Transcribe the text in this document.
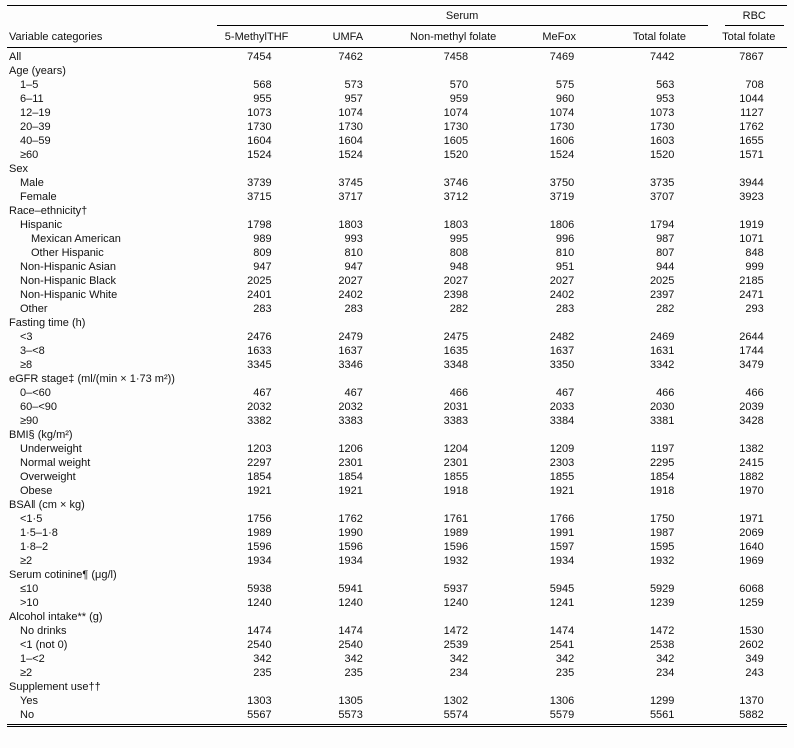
	Serum					RBC

Variable categories	5-MethylTHF	UMFA	Non-methyl folate	MeFox	Total folate	Total folate
All	7454	7462	7458	7469	7442	7867
Age (years)						
1–5	568	573	570	575	563	708
6–11	955	957	959	960	953	1044
12–19	1073	1074	1074	1074	1073	1127
20–39	1730	1730	1730	1730	1730	1762
40–59	1604	1604	1605	1606	1603	1655
≥60	1524	1524	1520	1524	1520	1571
Sex						
Male	3739	3745	3746	3750	3735	3944
Female	3715	3717	3712	3719	3707	3923
Race–ethnicity†						
Hispanic	1798	1803	1803	1806	1794	1919
Mexican American	989	993	995	996	987	1071
Other Hispanic	809	810	808	810	807	848
Non-Hispanic Asian	947	947	948	951	944	999
Non-Hispanic Black	2025	2027	2027	2027	2025	2185
Non-Hispanic White	2401	2402	2398	2402	2397	2471
Other	283	283	282	283	282	293
Fasting time (h)						
<3	2476	2479	2475	2482	2469	2644
3–<8	1633	1637	1635	1637	1631	1744
≥8	3345	3346	3348	3350	3342	3479
eGFR stage‡ (ml/(min × 1·73 m²))						
0–<60	467	467	466	467	466	466
60–<90	2032	2032	2031	2033	2030	2039
≥90	3382	3383	3383	3384	3381	3428
BMI§ (kg/m²)						
Underweight	1203	1206	1204	1209	1197	1382
Normal weight	2297	2301	2301	2303	2295	2415
Overweight	1854	1854	1855	1855	1854	1882
Obese	1921	1921	1918	1921	1918	1970
BSA‖ (cm × kg)						
<1·5	1756	1762	1761	1766	1750	1971
1·5–1·8	1989	1990	1989	1991	1987	2069
1·8–2	1596	1596	1596	1597	1595	1640
≥2	1934	1934	1932	1934	1932	1969
Serum cotinine¶ (μg/l)						
≤10	5938	5941	5937	5945	5929	6068
>10	1240	1240	1240	1241	1239	1259
Alcohol intake** (g)						
No drinks	1474	1474	1472	1474	1472	1530
<1 (not 0)	2540	2540	2539	2541	2538	2602
1–<2	342	342	342	342	342	349
≥2	235	235	234	235	234	243
Supplement use††						
Yes	1303	1305	1302	1306	1299	1370
No	5567	5573	5574	5579	5561	5882
